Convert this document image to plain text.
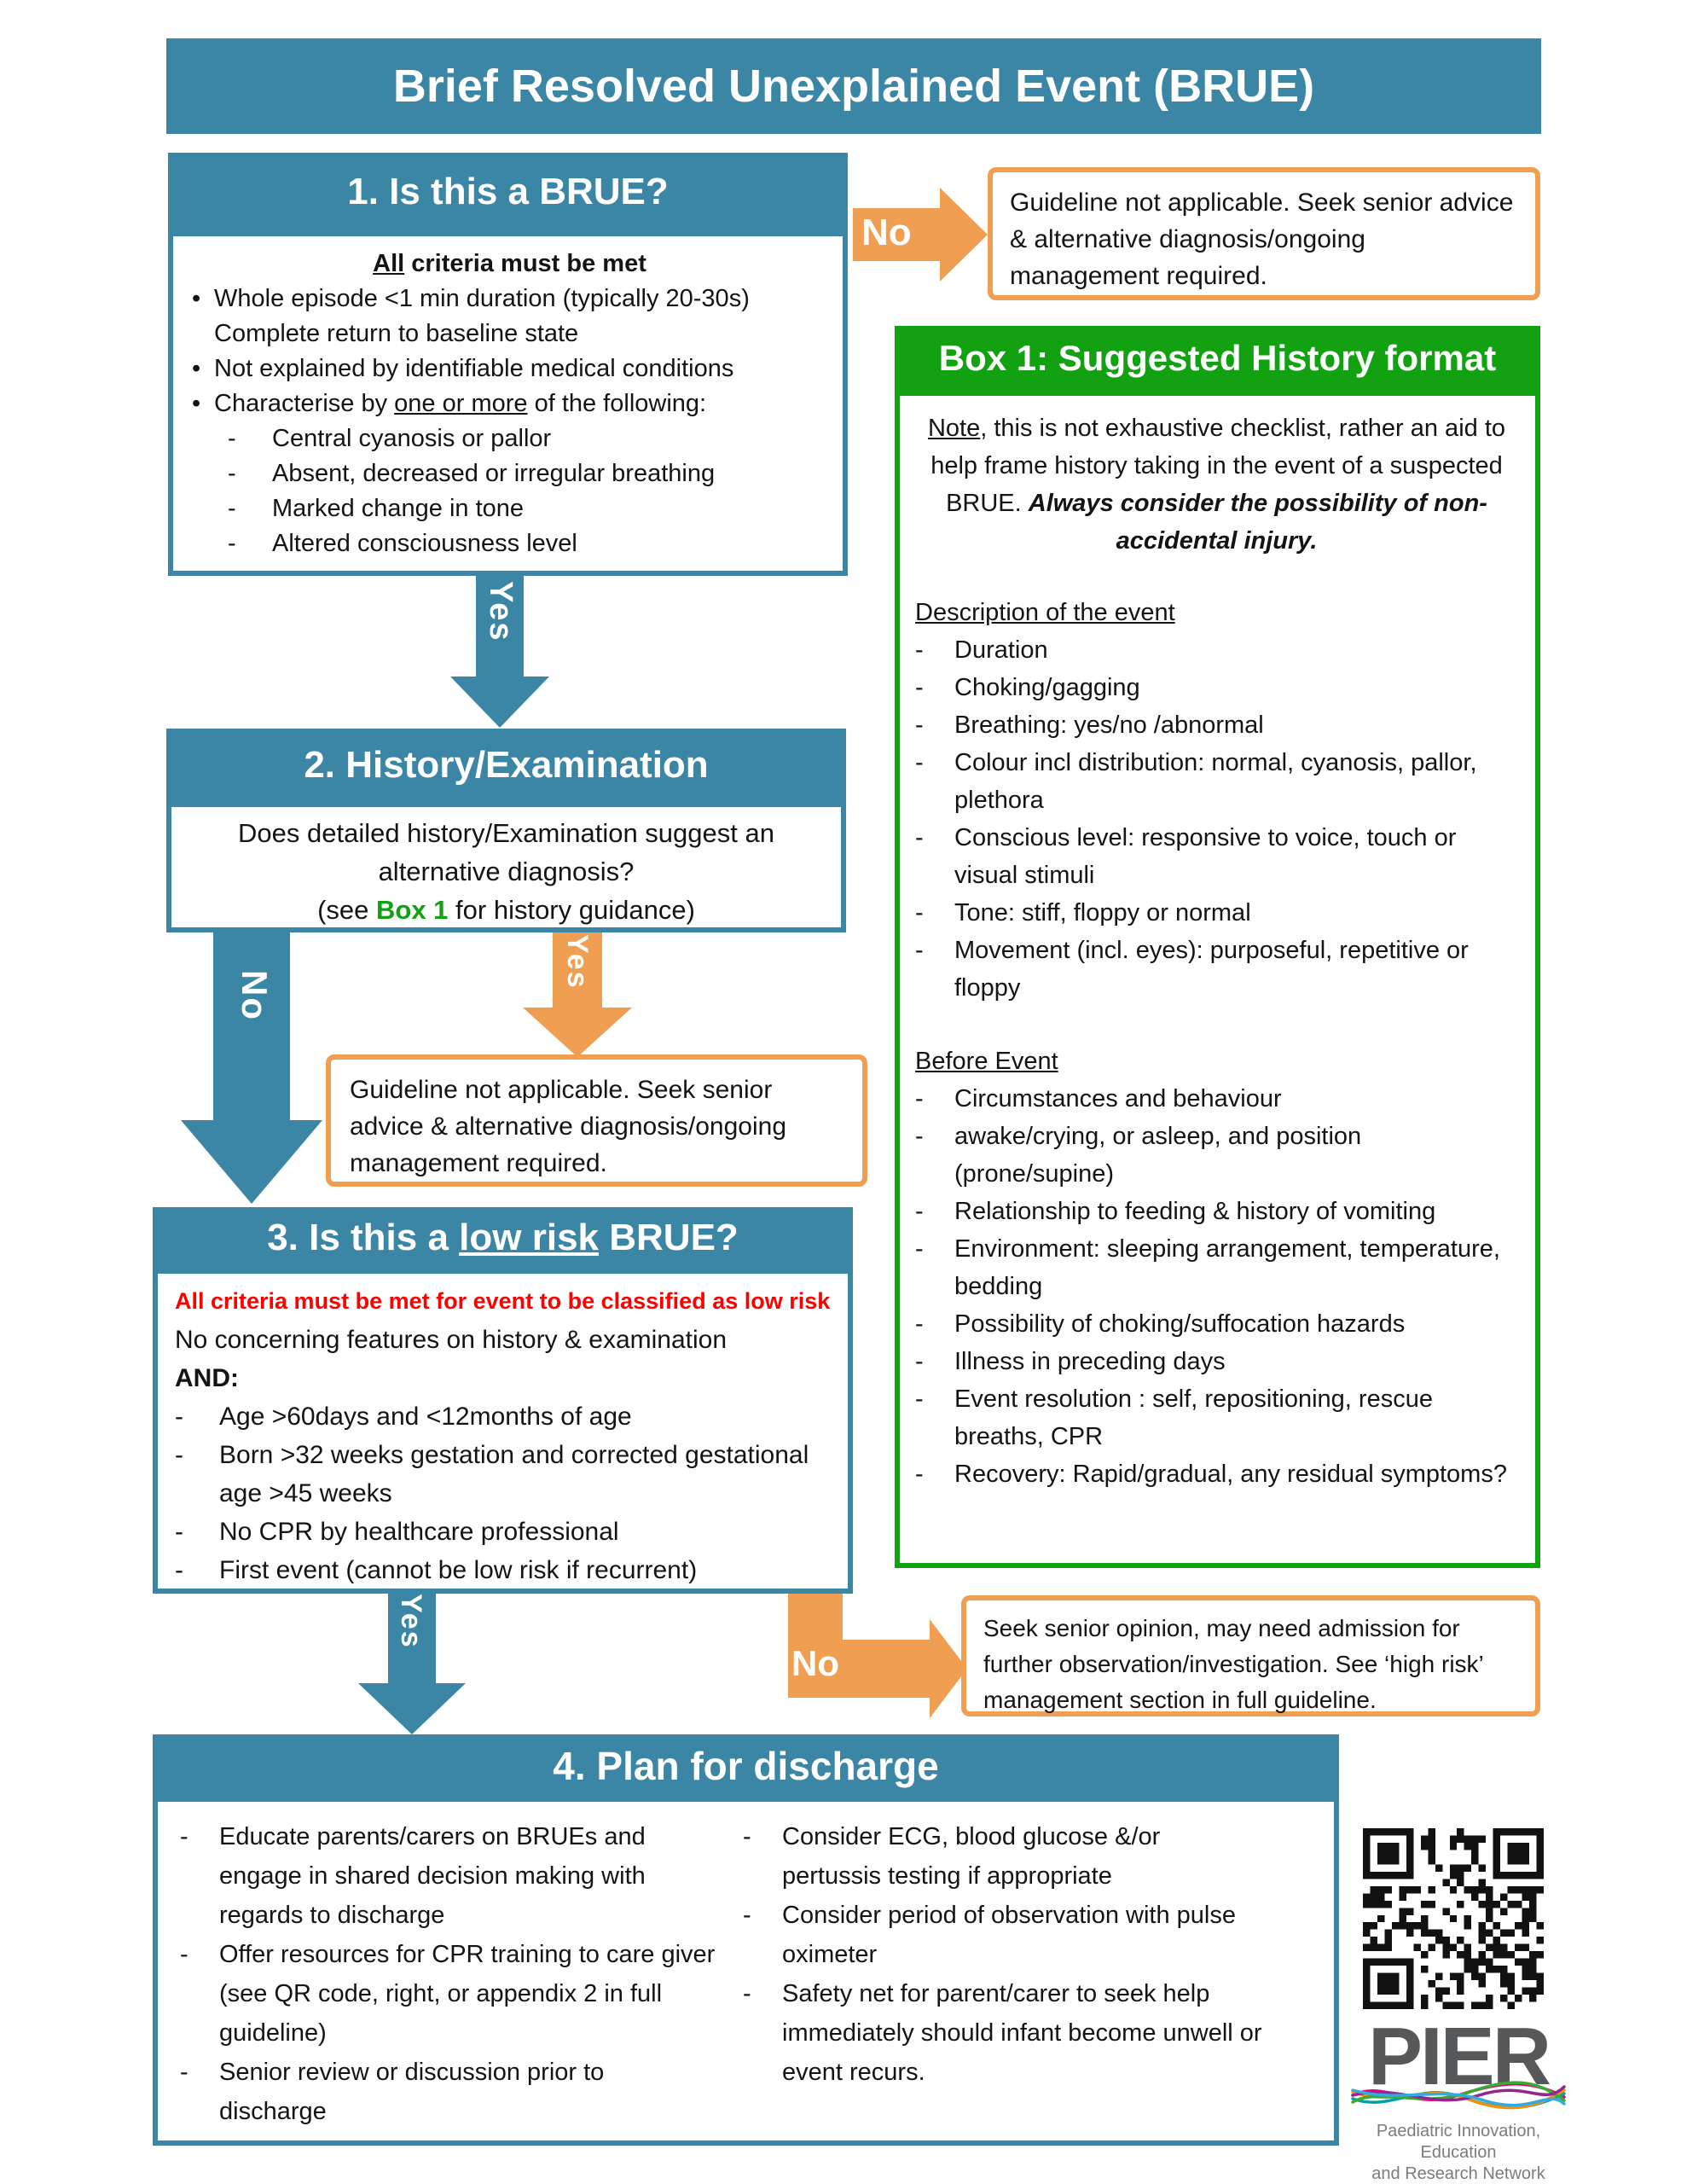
Brief Resolved Unexplained Event (BRUE)
1. Is this a BRUE?
All criteria must be met
• Whole episode <1 min duration (typically 20-30s)
Complete return to baseline state
• Not explained by identifiable medical conditions
• Characterise by one or more of the following:
-	Central cyanosis or pallor
-	Absent, decreased or irregular breathing
-	Marked change in tone
-	Altered consciousness level
No
Guideline not applicable. Seek senior advice & alternative diagnosis/ongoing management required.
Box 1: Suggested History format
Note, this is not exhaustive checklist, rather an aid to help frame history taking in the event of a suspected BRUE. Always consider the possibility of non-accidental injury.
Description of the event
-	Duration
-	Choking/gagging
-	Breathing: yes/no /abnormal
-	Colour incl distribution: normal, cyanosis, pallor, plethora
-	Conscious level: responsive to voice, touch or visual stimuli
-	Tone: stiff, floppy or normal
-	Movement (incl. eyes): purposeful, repetitive or floppy
Before Event
-	Circumstances and behaviour
-	awake/crying, or asleep, and position (prone/supine)
-	Relationship to feeding & history of vomiting
-	Environment: sleeping arrangement, temperature, bedding
-	Possibility of choking/suffocation hazards
-	Illness in preceding days
-	Event resolution : self, repositioning, rescue breaths, CPR
-	Recovery: Rapid/gradual, any residual symptoms?
Yes
2. History/Examination
Does detailed history/Examination suggest an alternative diagnosis?
(see Box 1 for history guidance)
No
Yes
Guideline not applicable. Seek senior advice & alternative diagnosis/ongoing management required.
3. Is this a low risk BRUE?
All criteria must be met for event to be classified as low risk
No concerning features on history & examination
AND:
-	Age >60days and <12months of age
-	Born >32 weeks gestation and corrected gestational age >45 weeks
-	No CPR by healthcare professional
-	First event (cannot be low risk if recurrent)
Yes
No
Seek senior opinion, may need admission for further observation/investigation. See ‘high risk’ management section in full guideline.
4. Plan for discharge
-	Educate parents/carers on BRUEs and engage in shared decision making with regards to discharge
-	Offer resources for CPR training to care giver (see QR code, right, or appendix 2 in full guideline)
-	Senior review or discussion prior to discharge
-	Consider ECG, blood glucose &/or pertussis testing if appropriate
-	Consider period of observation with pulse oximeter
-	Safety net for parent/carer to seek help immediately should infant become unwell or event recurs.	PIER
Paediatric Innovation, Education
and Research Network
